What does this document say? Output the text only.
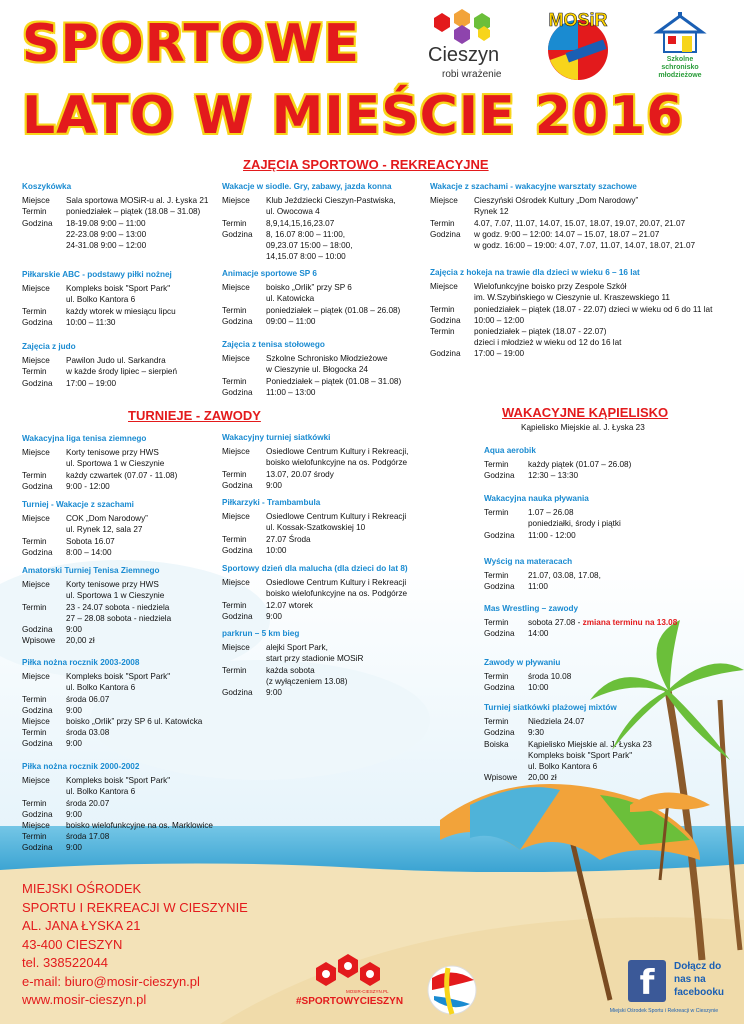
SPORTOWE
LATO W MIEŚCIE 2016
Cieszyn
robi wrażenie
MOSiR
Szkolne schronisko młodzieżowe
ZAJĘCIA SPORTOWO - REKREACYJNE
TURNIEJE - ZAWODY	WAKACYJNE KĄPIELISKO
Kąpielisko Miejskie al. J. Łyska 23
Koszykówka
Miejsce	Sala sportowa MOSiR-u al. J. Łyska 21
Termin	poniedziałek – piątek (18.08 – 31.08)
Godzina	18-19.08 9:00 – 11:00
22-23.08 9:00 – 13:00
24-31.08 9:00 – 12:00
Piłkarskie ABC - podstawy piłki nożnej
Miejsce	Kompleks boisk "Sport Park"
ul. Bolko Kantora 6
Termin	każdy wtorek w miesiącu lipcu
Godzina	10:00 – 11:30
Zajęcia z judo
Miejsce	Pawilon Judo ul. Sarkandra
Termin	w każde środy lipiec – sierpień
Godzina	17:00 – 19:00
Wakacje w siodle. Gry, zabawy, jazda konna
Miejsce	Klub Jeździecki Cieszyn-Pastwiska,
ul. Owocowa 4
Termin	8,9,14,15,16,23.07
Godzina	8, 16.07 8:00 – 11:00,
09,23.07 15:00 – 18:00,
14,15.07 8:00 – 10:00
Animacje sportowe SP 6
Miejsce	boisko „Orlik” przy SP 6
ul. Katowicka
Termin	poniedziałek – piątek (01.08 – 26.08)
Godzina	09:00 – 11:00
Zajęcia z tenisa stołowego
Miejsce	Szkolne Schronisko Młodzieżowe
w Cieszynie ul. Błogocka 24
Termin	Poniedziałek – piątek (01.08 – 31.08)
Godzina	11:00 – 13:00
Wakacje z szachami - wakacyjne warsztaty szachowe
Miejsce	Cieszyński Ośrodek Kultury „Dom Narodowy”
Rynek 12
Termin	4.07, 7.07, 11.07, 14.07, 15.07, 18.07, 19.07, 20.07, 21.07
Godzina	w godz. 9:00 – 12:00: 14.07 – 15.07, 18.07 – 21.07
w godz. 16:00 – 19:00: 4.07, 7.07, 11.07, 14.07, 18.07, 21.07
Zajęcia z hokeja na trawie dla dzieci w wieku 6 – 16 lat
Miejsce	Wielofunkcyjne boisko przy Zespole Szkół
im. W.Szybińskiego w Cieszynie ul. Kraszewskiego 11
Termin	poniedziałek – piątek (18.07 - 22.07) dzieci w wieku od 6 do 11 lat
Godzina	10:00 – 12:00
Termin	poniedziałek – piątek (18.07 - 22.07)
dzieci i młodzież w wieku od 12 do 16 lat
Godzina	17:00 – 19:00
Wakacyjna liga tenisa ziemnego
Miejsce	Korty tenisowe przy HWS
ul. Sportowa 1 w Cieszynie
Termin	każdy czwartek (07.07 - 11.08)
Godzina	9:00 - 12:00
Turniej - Wakacje z szachami
Miejsce	COK „Dom Narodowy”
ul. Rynek 12, sala 27
Termin	Sobota 16.07
Godzina	8:00 – 14:00
Amatorski Turniej Tenisa Ziemnego
Miejsce	Korty tenisowe przy HWS
ul. Sportowa 1 w Cieszynie
Termin	23 - 24.07 sobota - niedziela
27 – 28.08 sobota - niedziela
Godzina	9:00
Wpisowe	20,00 zł
Piłka nożna rocznik 2003-2008
Miejsce	Kompleks boisk "Sport Park"
ul. Bolko Kantora 6
Termin	środa 06.07
Godzina	9:00
Miejsce	boisko „Orlik” przy SP 6 ul. Katowicka
Termin	środa 03.08
Godzina	9:00
Piłka nożna rocznik 2000-2002
Miejsce	Kompleks boisk "Sport Park"
ul. Bolko Kantora 6
Termin	środa 20.07
Godzina	9:00
Miejsce	boisko wielofunkcyjne na os. Marklowice
Termin	środa 17.08
Godzina	9:00
Wakacyjny turniej siatkówki
Miejsce	Osiedlowe Centrum Kultury i Rekreacji,
boisko wielofunkcyjne na os. Podgórze
Termin	13.07, 20.07 środy
Godzina	9:00
Piłkarzyki - Trambambula
Miejsce	Osiedlowe Centrum Kultury i Rekreacji
ul. Kossak-Szatkowskiej 10
Termin	27.07 Środa
Godzina	10:00
Sportowy dzień dla malucha (dla dzieci do lat 8)
Miejsce	Osiedlowe Centrum Kultury i Rekreacji
boisko wielofunkcyjne na os. Podgórze
Termin	12.07 wtorek
Godzina	9:00
parkrun – 5 km bieg
Miejsce	alejki Sport Park,
start przy stadionie MOSiR
Termin	każda sobota
(z wyłączeniem 13.08)
Godzina	9:00
Aqua aerobik
Termin	każdy piątek (01.07 – 26.08)
Godzina	12:30 – 13:30
Wakacyjna nauka pływania
Termin	1.07 – 26.08
poniedziałki, środy i piątki
Godzina	11:00 - 12:00
Wyścig na materacach
Termin	21.07, 03.08, 17.08,
Godzina	11:00
Mas Wrestling – zawody
Termin	sobota 27.08 - zmiana terminu na 13.08
Godzina	14:00
Zawody w pływaniu
Termin	środa 10.08
Godzina	10:00
Turniej siatkówki plażowej mixtów
Termin	Niedziela 24.07
Godzina	9:30
Boiska	Kąpielisko Miejskie al. J. Łyska 23
Kompleks boisk "Sport Park"
ul. Bolko Kantora 6
Wpisowe	20,00 zł
MIEJSKI OŚRODEK
SPORTU I REKREACJI W CIESZYNIE
AL. JANA ŁYSKA 21
43-400 CIESZYN
tel. 338522044
e-mail: biuro@mosir-cieszyn.pl
www.mosir-cieszyn.pl
MOSIR-CIESZYN.PL
#SPORTOWYCIESZYN	f	Dołącz do
nas na
facebooku
Miejski Ośrodek Sportu i Rekreacji w Cieszynie
